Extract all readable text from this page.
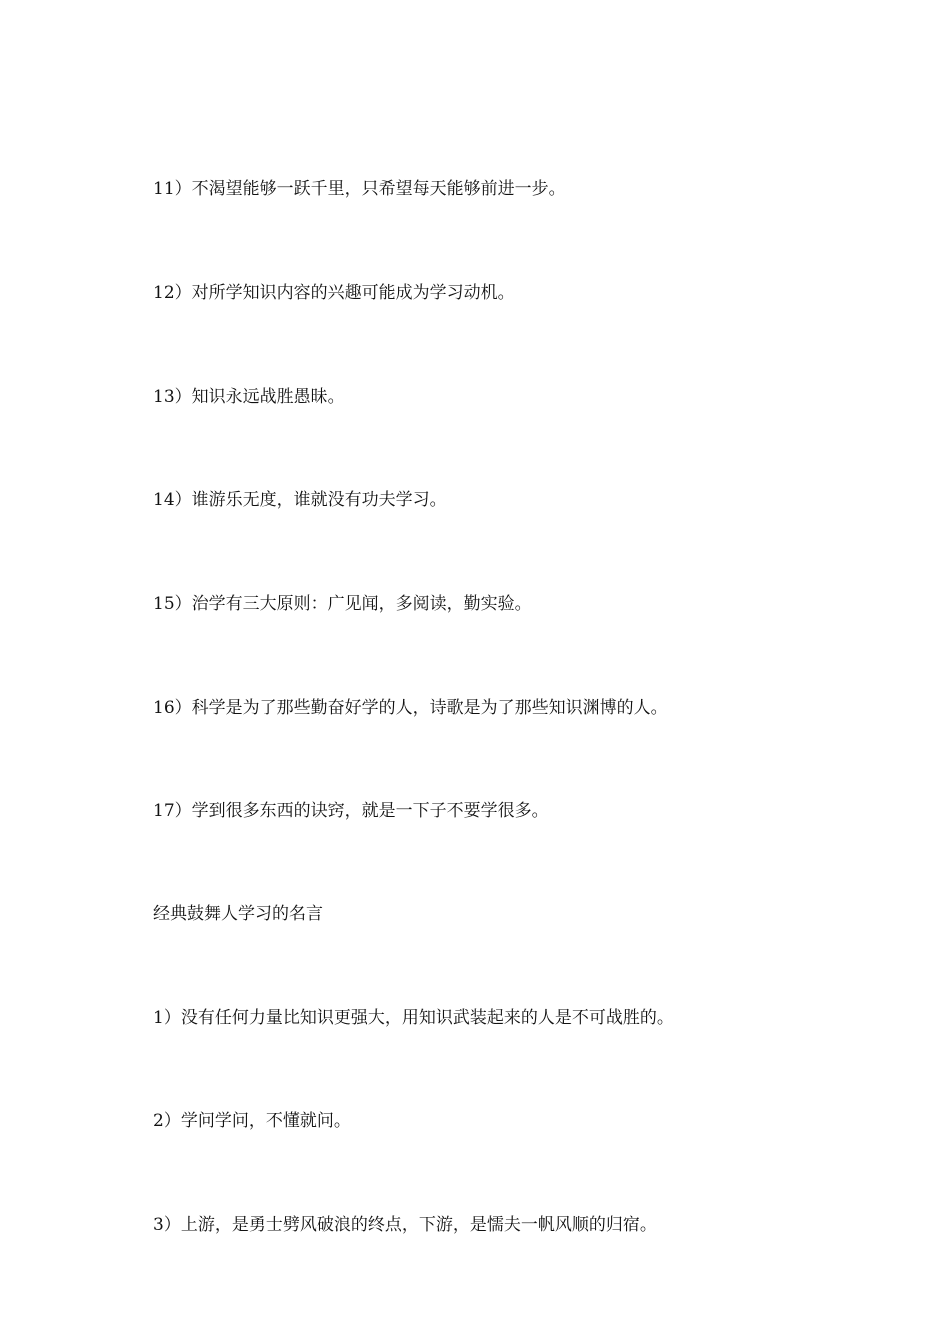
11）不渴望能够一跃千里，只希望每天能够前进一步。

12）对所学知识内容的兴趣可能成为学习动机。

13）知识永远战胜愚昧。

14）谁游乐无度，谁就没有功夫学习。

15）治学有三大原则：广见闻，多阅读，勤实验。

16）科学是为了那些勤奋好学的人，诗歌是为了那些知识渊博的人。

17）学到很多东西的诀窍，就是一下子不要学很多。

经典鼓舞人学习的名言

1）没有任何力量比知识更强大，用知识武装起来的人是不可战胜的。

2）学问学问，不懂就问。

3）上游，是勇士劈风破浪的终点，下游，是懦夫一帆风顺的归宿。
